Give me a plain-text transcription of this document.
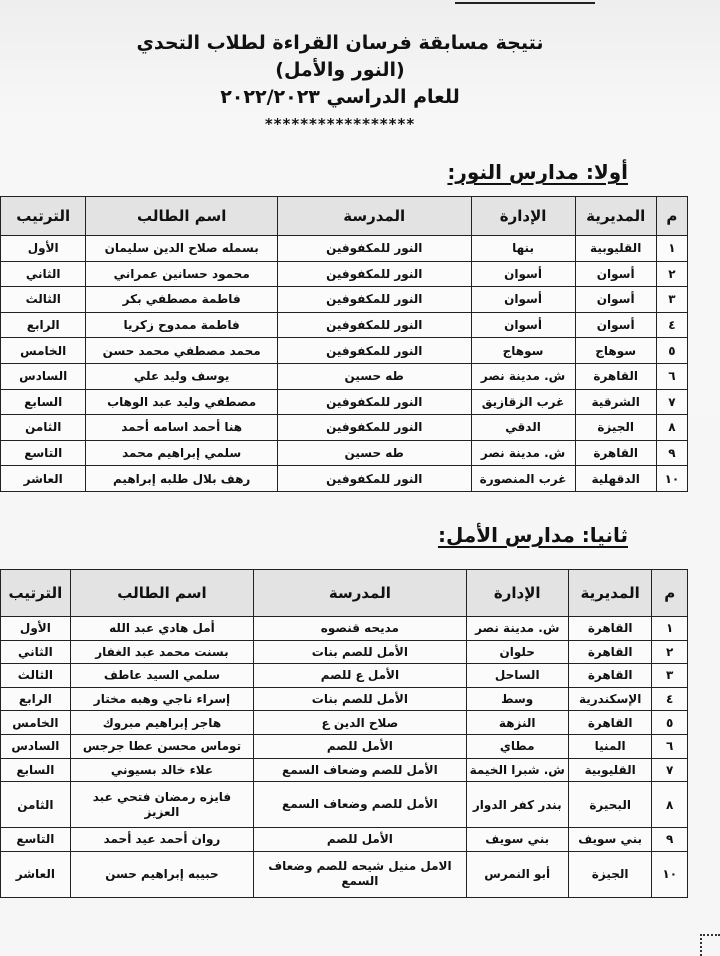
نتيجة مسابقة فرسان القراءة لطلاب التحدي
(النور والأمل)
للعام الدراسي ٢٠٢٢/٢٠٢٣
*****************
أولا: مدارس النور:
م	المديرية	الإدارة	المدرسة	اسم الطالب	الترتيب
١	القليوبية	بنها	النور للمكفوفين	بسمله صلاح الدين سليمان	الأول
٢	أسوان	أسوان	النور للمكفوفين	محمود حسانين عمراني	الثاني
٣	أسوان	أسوان	النور للمكفوفين	فاطمة مصطفي بكر	الثالث
٤	أسوان	أسوان	النور للمكفوفين	فاطمة ممدوح زكريا	الرابع
٥	سوهاج	سوهاج	النور للمكفوفين	محمد مصطفي محمد حسن	الخامس
٦	القاهرة	ش. مدينة نصر	طه حسين	يوسف وليد علي	السادس
٧	الشرقية	غرب الزقازيق	النور للمكفوفين	مصطفي وليد عبد الوهاب	السابع
٨	الجيزة	الدقي	النور للمكفوفين	هنا أحمد اسامه أحمد	الثامن
٩	القاهرة	ش. مدينة نصر	طه حسين	سلمي إبراهيم محمد	التاسع
١٠	الدقهلية	غرب المنصورة	النور للمكفوفين	رهف بلال طلبه إبراهيم	العاشر
ثانيا: مدارس الأمل:
م	المديرية	الإدارة	المدرسة	اسم الطالب	الترتيب
١	القاهرة	ش. مدينة نصر	مديحه قنصوه	أمل هادي عبد الله	الأول
٢	القاهرة	حلوان	الأمل للصم بنات	بسنت محمد عبد الغفار	الثاني
٣	القاهرة	الساحل	الأمل ع للصم	سلمي السيد عاطف	الثالث
٤	الإسكندرية	وسط	الأمل للصم بنات	إسراء ناجي وهبه مختار	الرابع
٥	القاهرة	النزهة	صلاح الدين ع	هاجر إبراهيم مبروك	الخامس
٦	المنيا	مطاي	الأمل للصم	توماس محسن عطا جرجس	السادس
٧	القليوبية	ش. شبرا الخيمة	الأمل للصم وضعاف السمع	علاء خالد بسيوني	السابع
٨	البحيرة	بندر كفر الدوار	الأمل للصم وضعاف السمع	فايزه رمضان فتحي عبد العزيز	الثامن
٩	بني سويف	بني سويف	الأمل للصم	روان أحمد عيد أحمد	التاسع
١٠	الجيزة	أبو النمرس	الامل منيل شيحه للصم وضعاف السمع	حبيبه إبراهيم حسن	العاشر
